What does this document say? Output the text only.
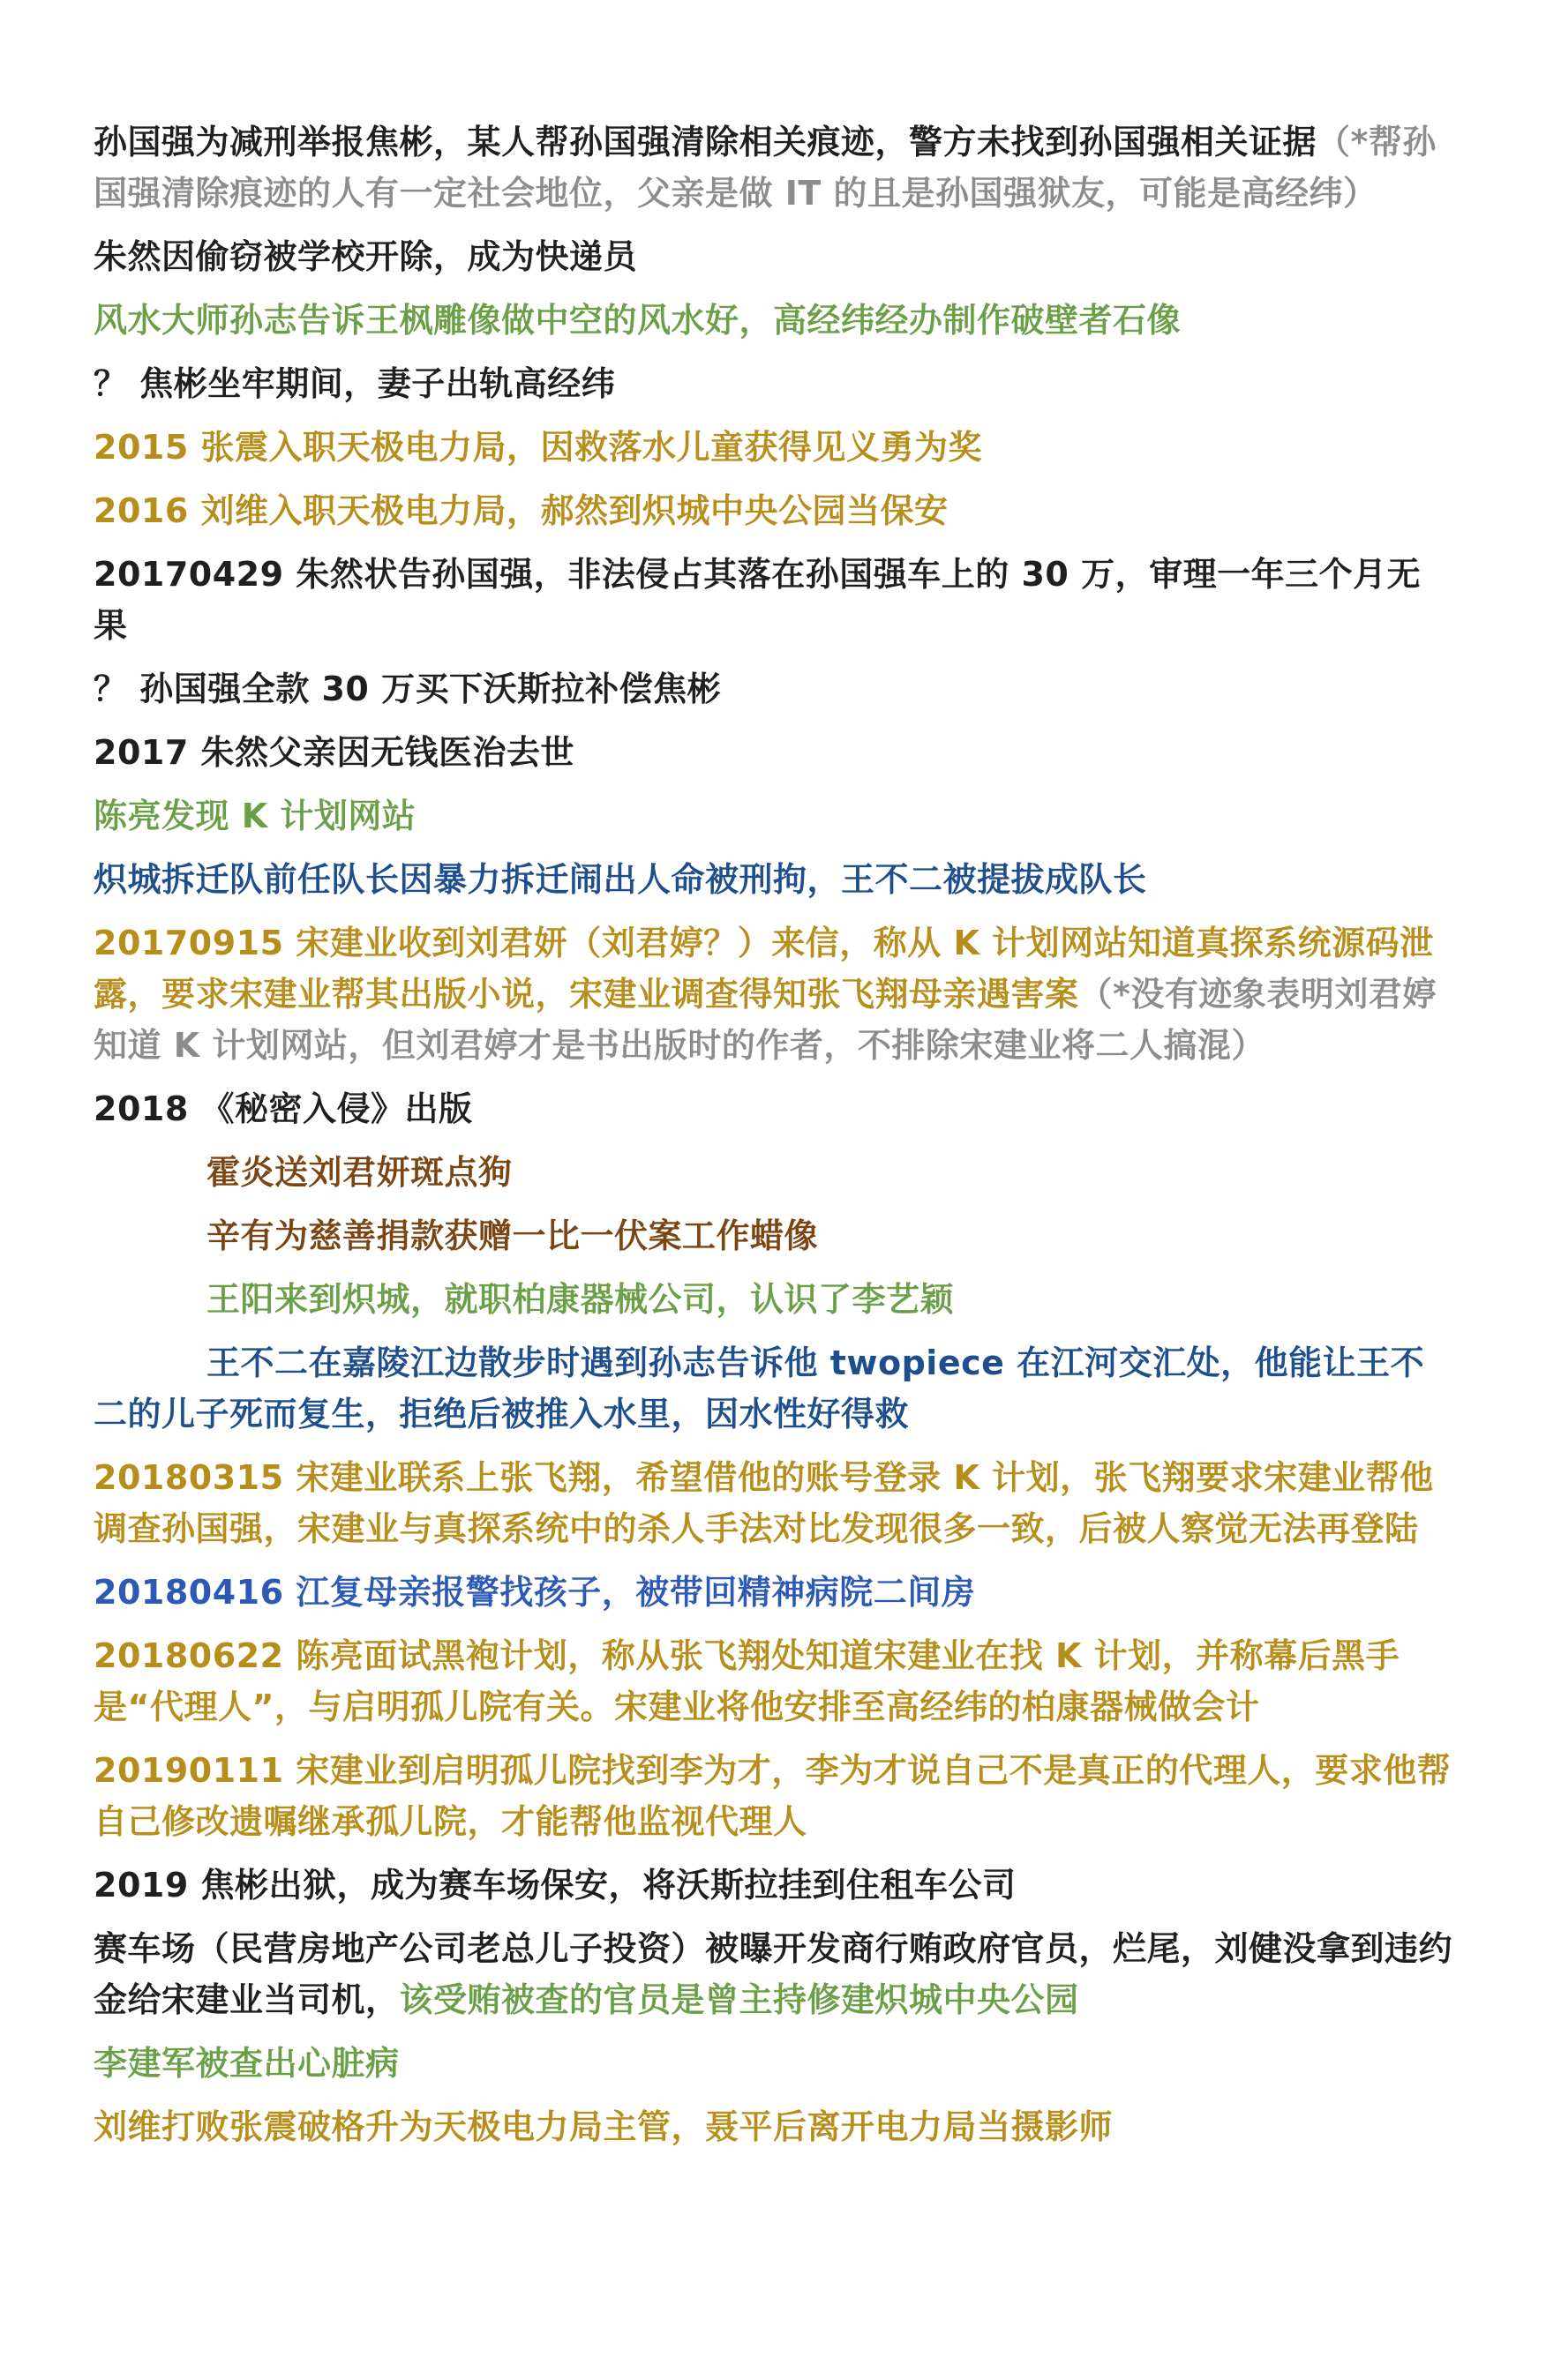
孙国强为减刑举报焦彬，某人帮孙国强清除相关痕迹，警方未找到孙国强相关证据（*帮孙国强清除痕迹的人有一定社会地位，父亲是做 IT 的且是孙国强狱友，可能是高经纬）

朱然因偷窃被学校开除，成为快递员

风水大师孙志告诉王枫雕像做中空的风水好，高经纬经办制作破壁者石像

？ 焦彬坐牢期间，妻子出轨高经纬

2015 张震入职天极电力局，因救落水儿童获得见义勇为奖

2016 刘维入职天极电力局，郝然到炽城中央公园当保安

20170429 朱然状告孙国强，非法侵占其落在孙国强车上的 30 万，审理一年三个月无果

？ 孙国强全款 30 万买下沃斯拉补偿焦彬

2017 朱然父亲因无钱医治去世

陈亮发现 K 计划网站

炽城拆迁队前任队长因暴力拆迁闹出人命被刑拘，王不二被提拔成队长

20170915 宋建业收到刘君妍（刘君婷？）来信，称从 K 计划网站知道真探系统源码泄露，要求宋建业帮其出版小说，宋建业调查得知张飞翔母亲遇害案（*没有迹象表明刘君婷知道 K 计划网站，但刘君婷才是书出版时的作者，不排除宋建业将二人搞混）

2018 《秘密入侵》出版

霍炎送刘君妍斑点狗

辛有为慈善捐款获赠一比一伏案工作蜡像

王阳来到炽城，就职柏康器械公司，认识了李艺颖

王不二在嘉陵江边散步时遇到孙志告诉他 twopiece 在江河交汇处，他能让王不二的儿子死而复生，拒绝后被推入水里，因水性好得救

20180315 宋建业联系上张飞翔，希望借他的账号登录 K 计划，张飞翔要求宋建业帮他调查孙国强，宋建业与真探系统中的杀人手法对比发现很多一致，后被人察觉无法再登陆

20180416 江复母亲报警找孩子，被带回精神病院二间房

20180622 陈亮面试黑袍计划，称从张飞翔处知道宋建业在找 K 计划，并称幕后黑手是“代理人”，与启明孤儿院有关。宋建业将他安排至高经纬的柏康器械做会计

20190111 宋建业到启明孤儿院找到李为才，李为才说自己不是真正的代理人，要求他帮自己修改遗嘱继承孤儿院，才能帮他监视代理人

2019 焦彬出狱，成为赛车场保安，将沃斯拉挂到住租车公司

赛车场（民营房地产公司老总儿子投资）被曝开发商行贿政府官员，烂尾，刘健没拿到违约金给宋建业当司机，该受贿被查的官员是曾主持修建炽城中央公园

李建军被查出心脏病

刘维打败张震破格升为天极电力局主管，聂平后离开电力局当摄影师
